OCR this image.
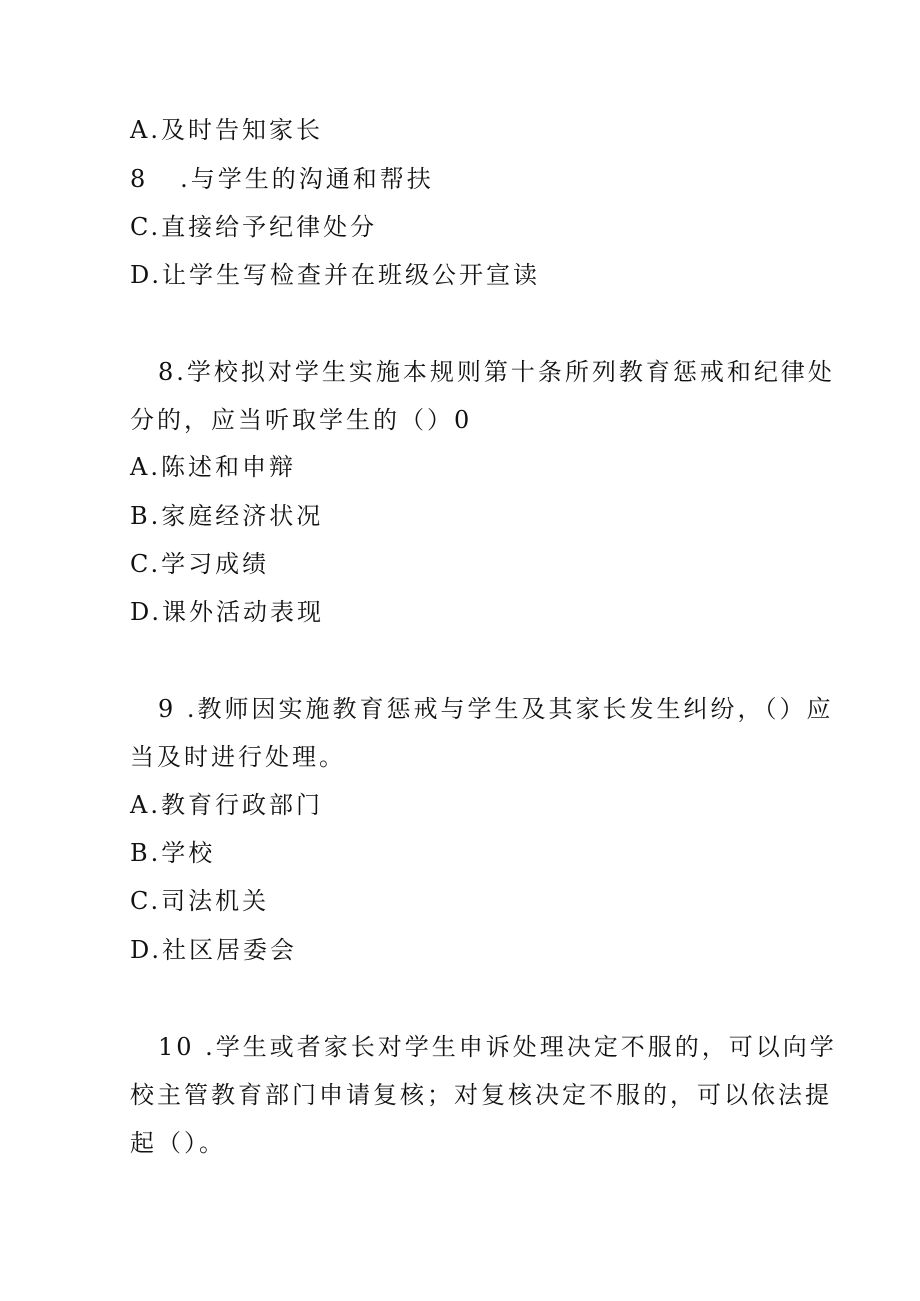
A.及时告知家长
8   .与学生的沟通和帮扶
C.直接给予纪律处分
D.让学生写检查并在班级公开宣读
8.学校拟对学生实施本规则第十条所列教育惩戒和纪律处
分的，应当听取学生的（）0
A.陈述和申辩
B.家庭经济状况
C.学习成绩
D.课外活动表现
9 .教师因实施教育惩戒与学生及其家长发生纠纷，（）应
当及时进行处理。
A.教育行政部门
B.学校
C.司法机关
D.社区居委会
10 .学生或者家长对学生申诉处理决定不服的，可以向学
校主管教育部门申请复核；对复核决定不服的，可以依法提
起（）。
